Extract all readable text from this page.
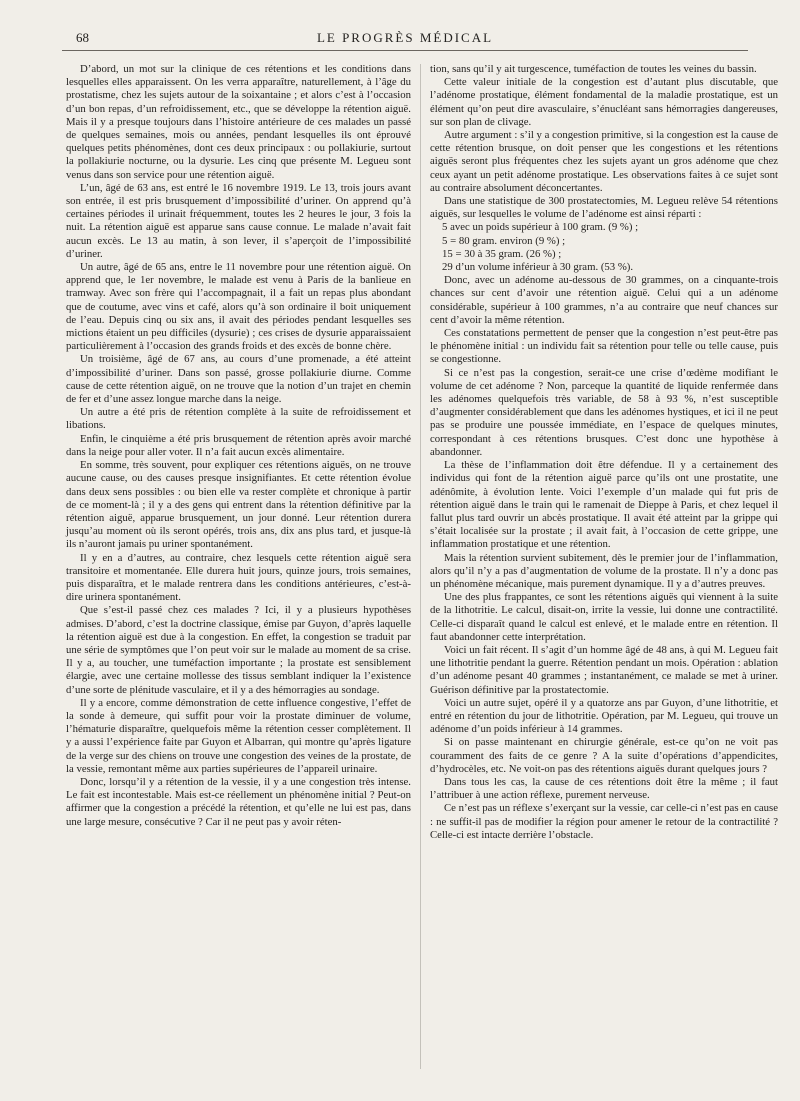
68	LE PROGRÈS MÉDICAL

D’abord, un mot sur la clinique de ces rétentions et les conditions dans lesquelles elles apparaissent. On les verra apparaître, naturellement, à l’âge du prostatisme, chez les sujets autour de la soixantaine ; et alors c’est à l’occasion d’un bon repas, d’un refroidissement, etc., que se développe la rétention aiguë. Mais il y a presque toujours dans l’histoire antérieure de ces malades un passé de quelques semaines, mois ou années, pendant lesquelles ils ont éprouvé quelques petits phénomènes, dont ces deux principaux : ou pollakiurie, surtout la pollakiurie nocturne, ou la dysurie. Les cinq que présente M. Legueu sont venus dans son service pour une rétention aiguë.

L’un, âgé de 63 ans, est entré le 16 novembre 1919. Le 13, trois jours avant son entrée, il est pris brusquement d’impossibilité d’uriner. On apprend qu’à certaines périodes il urinait fréquemment, toutes les 2 heures le jour, 3 fois la nuit. La rétention aiguë est apparue sans cause connue. Le malade n’avait fait aucun excès. Le 13 au matin, à son lever, il s’aperçoit de l’impossibilité d’uriner.

Un autre, âgé de 65 ans, entre le 11 novembre pour une rétention aiguë. On apprend que, le 1er novembre, le malade est venu à Paris de la banlieue en tramway. Avec son frère qui l’accompagnait, il a fait un repas plus abondant que de coutume, avec vins et café, alors qu’à son ordinaire il boit uniquement de l’eau. Depuis cinq ou six ans, il avait des périodes pendant lesquelles ses mictions étaient un peu difficiles (dysurie) ; ces crises de dysurie apparaissaient particulièrement à l’occasion des grands froids et des excès de bonne chère.

Un troisième, âgé de 67 ans, au cours d’une promenade, a été atteint d’impossibilité d’uriner. Dans son passé, grosse pollakiurie diurne. Comme cause de cette rétention aiguë, on ne trouve que la notion d’un trajet en chemin de fer et d’une assez longue marche dans la neige.

Un autre a été pris de rétention complète à la suite de refroidissement et libations.

Enfin, le cinquième a été pris brusquement de rétention après avoir marché dans la neige pour aller voter. Il n’a fait aucun excès alimentaire.

En somme, très souvent, pour expliquer ces rétentions aiguës, on ne trouve aucune cause, ou des causes presque insignifiantes. Et cette rétention évolue dans deux sens possibles : ou bien elle va rester complète et chronique à partir de ce moment-là ; il y a des gens qui entrent dans la rétention définitive par la rétention aiguë, apparue brusquement, un jour donné. Leur rétention durera jusqu’au moment où ils seront opérés, trois ans, dix ans plus tard, et jusque-là ils n’auront jamais pu uriner spontanément.

Il y en a d’autres, au contraire, chez lesquels cette rétention aiguë sera transitoire et momentanée. Elle durera huit jours, quinze jours, trois semaines, puis disparaîtra, et le malade rentrera dans les conditions antérieures, c’est-à-dire urinera spontanément.

Que s’est-il passé chez ces malades ? Ici, il y a plusieurs hypothèses admises. D’abord, c’est la doctrine classique, émise par Guyon, d’après laquelle la rétention aiguë est due à la congestion. En effet, la congestion se traduit par une série de symptômes que l’on peut voir sur le malade au moment de sa crise. Il y a, au toucher, une tuméfaction importante ; la prostate est sensiblement élargie, avec une certaine mollesse des tissus semblant indiquer la l’existence d’une sorte de plénitude vasculaire, et il y a des hémorragies au sondage.

Il y a encore, comme démonstration de cette influence congestive, l’effet de la sonde à demeure, qui suffit pour voir la prostate diminuer de volume, l’hématurie disparaître, quelquefois même la rétention cesser complètement. Il y a aussi l’expérience faite par Guyon et Albarran, qui montre qu’après ligature de la verge sur des chiens on trouve une congestion des veines de la prostate, de la vessie, remontant même aux parties supérieures de l’appareil urinaire.

Donc, lorsqu’il y a rétention de la vessie, il y a une congestion très intense. Le fait est incontestable. Mais est-ce réellement un phénomène initial ? Peut-on affirmer que la congestion a précédé la rétention, et qu’elle ne lui est pas, dans une large mesure, consécutive ? Car il ne peut pas y avoir réten-

tion, sans qu’il y ait turgescence, tuméfaction de toutes les veines du bassin.

Cette valeur initiale de la congestion est d’autant plus discutable, que l’adénome prostatique, élément fondamental de la maladie prostatique, est un élément qu’on peut dire avasculaire, s’énucléant sans hémorragies dangereuses, sur son plan de clivage.

Autre argument : s’il y a congestion primitive, si la congestion est la cause de cette rétention brusque, on doit penser que les congestions et les rétentions aiguës seront plus fréquentes chez les sujets ayant un gros adénome que chez ceux ayant un petit adénome prostatique. Les observations faites à ce sujet sont au contraire absolument déconcertantes.

Dans une statistique de 300 prostatectomies, M. Legueu relève 54 rétentions aiguës, sur lesquelles le volume de l’adénome est ainsi réparti :

5 avec un poids supérieur à 100 gram. (9 %) ;

5 = 80 gram. environ (9 %) ;

15 = 30 à 35 gram. (26 %) ;

29 d’un volume inférieur à 30 gram. (53 %).

Donc, avec un adénome au-dessous de 30 grammes, on a cinquante-trois chances sur cent d’avoir une rétention aiguë. Celui qui a un adénome considérable, supérieur à 100 grammes, n’a au contraire que neuf chances sur cent d’avoir la même rétention.

Ces constatations permettent de penser que la congestion n’est peut-être pas le phénomène initial : un individu fait sa rétention pour telle ou telle cause, puis se congestionne.

Si ce n’est pas la congestion, serait-ce une crise d’œdème modifiant le volume de cet adénome ? Non, parceque la quantité de liquide renfermée dans les adénomes quelquefois très variable, de 58 à 93 %, n’est susceptible d’augmenter considérablement que dans les adénomes hystiques, et ici il ne peut pas se produire une poussée immédiate, en l’espace de quelques minutes, correspondant à ces rétentions brusques. C’est donc une hypothèse à abandonner.

La thèse de l’inflammation doit être défendue. Il y a certainement des individus qui font de la rétention aiguë parce qu’ils ont une prostatite, une adénômite, à évolution lente. Voici l’exemple d’un malade qui fut pris de rétention aiguë dans le train qui le ramenait de Dieppe à Paris, et chez lequel il fallut plus tard ouvrir un abcès prostatique. Il avait été atteint par la grippe qui s’était localisée sur la prostate ; il avait fait, à l’occasion de cette grippe, une inflammation prostatique et une rétention.

Mais la rétention survient subitement, dès le premier jour de l’inflammation, alors qu’il n’y a pas d’augmentation de volume de la prostate. Il n’y a donc pas un phénomène mécanique, mais purement dynamique. Il y a d’autres preuves.

Une des plus frappantes, ce sont les rétentions aiguës qui viennent à la suite de la lithotritie. Le calcul, disait-on, irrite la vessie, lui donne une contractilité. Celle-ci disparaît quand le calcul est enlevé, et le malade entre en rétention. Il faut abandonner cette interprétation.

Voici un fait récent. Il s’agit d’un homme âgé de 48 ans, à qui M. Legueu fait une lithotritie pendant la guerre. Rétention pendant un mois. Opération : ablation d’un adénome pesant 40 grammes ; instantanément, ce malade se met à uriner. Guérison définitive par la prostatectomie.

Voici un autre sujet, opéré il y a quatorze ans par Guyon, d’une lithotritie, et entré en rétention du jour de lithotritie. Opération, par M. Legueu, qui trouve un adénome d’un poids inférieur à 14 grammes.

Si on passe maintenant en chirurgie générale, est-ce qu’on ne voit pas couramment des faits de ce genre ? A la suite d’opérations d’appendicites, d’hydrocèles, etc. Ne voit-on pas des rétentions aiguës durant quelques jours ?

Dans tous les cas, la cause de ces rétentions doit être la même ; il faut l’attribuer à une action réflexe, purement nerveuse.

Ce n’est pas un réflexe s’exerçant sur la vessie, car celle-ci n’est pas en cause : ne suffit-il pas de modifier la région pour amener le retour de la contractilité ? Celle-ci est intacte derrière l’obstacle.
